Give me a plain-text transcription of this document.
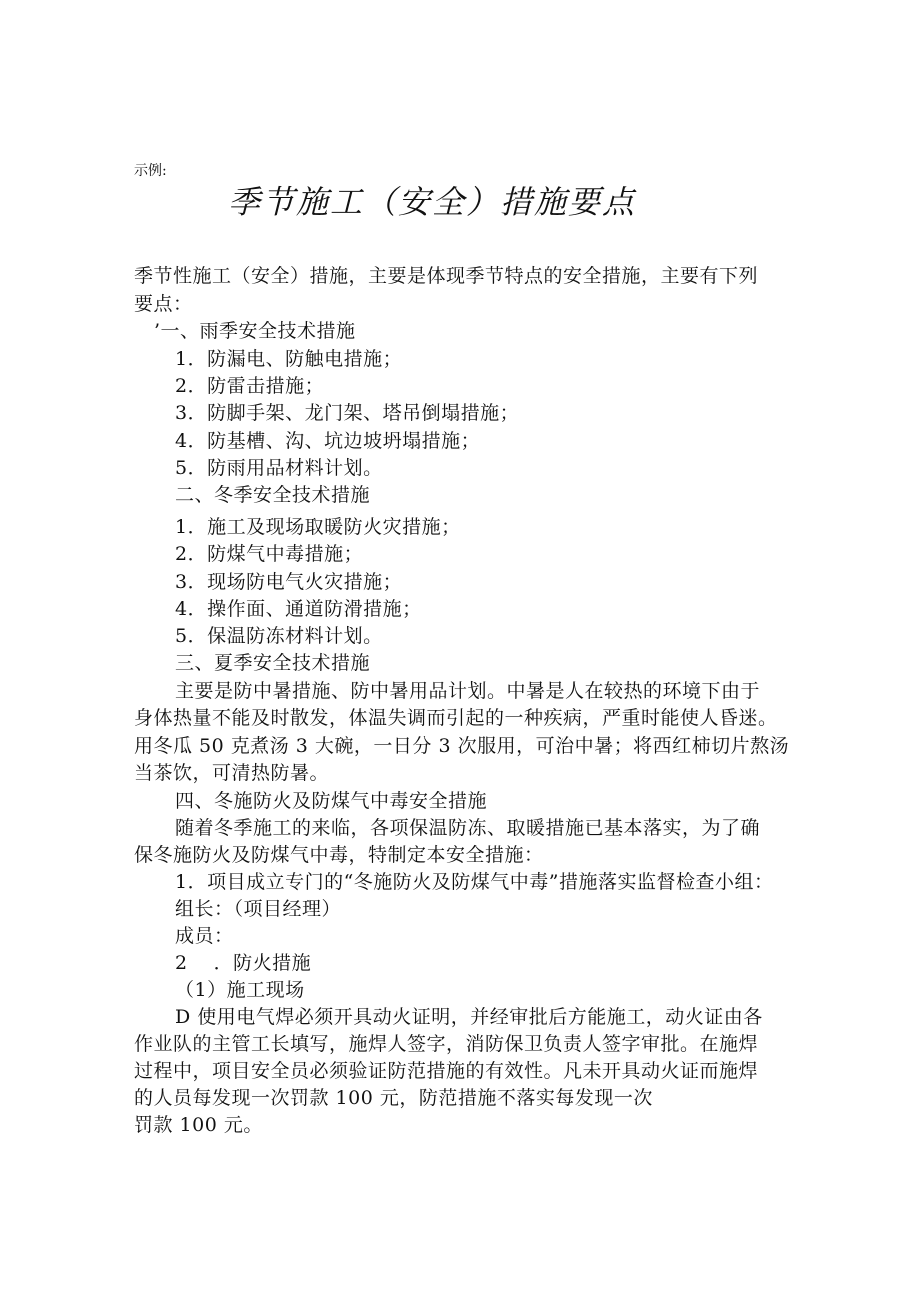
示例:
季节施工（安全）措施要点
季节性施工（安全）措施，主要是体现季节特点的安全措施，主要有下列
要点：
’一、雨季安全技术措施
1．防漏电、防触电措施；
2．防雷击措施；
3．防脚手架、龙门架、塔吊倒塌措施；
4．防基槽、沟、坑边坡坍塌措施；
5．防雨用品材料计划。
二、冬季安全技术措施
1．施工及现场取暖防火灾措施；
2．防煤气中毒措施；
3．现场防电气火灾措施；
4．操作面、通道防滑措施；
5．保温防冻材料计划。
三、夏季安全技术措施
主要是防中暑措施、防中暑用品计划。中暑是人在较热的环境下由于
身体热量不能及时散发，体温失调而引起的一种疾病，严重时能使人昏迷。
用冬瓜 50 克煮汤 3 大碗，一日分 3 次服用，可治中暑；将西红柿切片熬汤
当茶饮，可清热防暑。
四、冬施防火及防煤气中毒安全措施
随着冬季施工的来临，各项保温防冻、取暖措施已基本落实，为了确
保冬施防火及防煤气中毒，特制定本安全措施：
1．项目成立专门的“冬施防火及防煤气中毒”措施落实监督检查小组：
组长：（项目经理）
成员：
2　 ．防火措施
（1）施工现场
D 使用电气焊必须开具动火证明，并经审批后方能施工，动火证由各
作业队的主管工长填写，施焊人签字，消防保卫负责人签字审批。在施焊
过程中，项目安全员必须验证防范措施的有效性。凡未开具动火证而施焊
的人员每发现一次罚款 100 元，防范措施不落实每发现一次
罚款 100 元。
